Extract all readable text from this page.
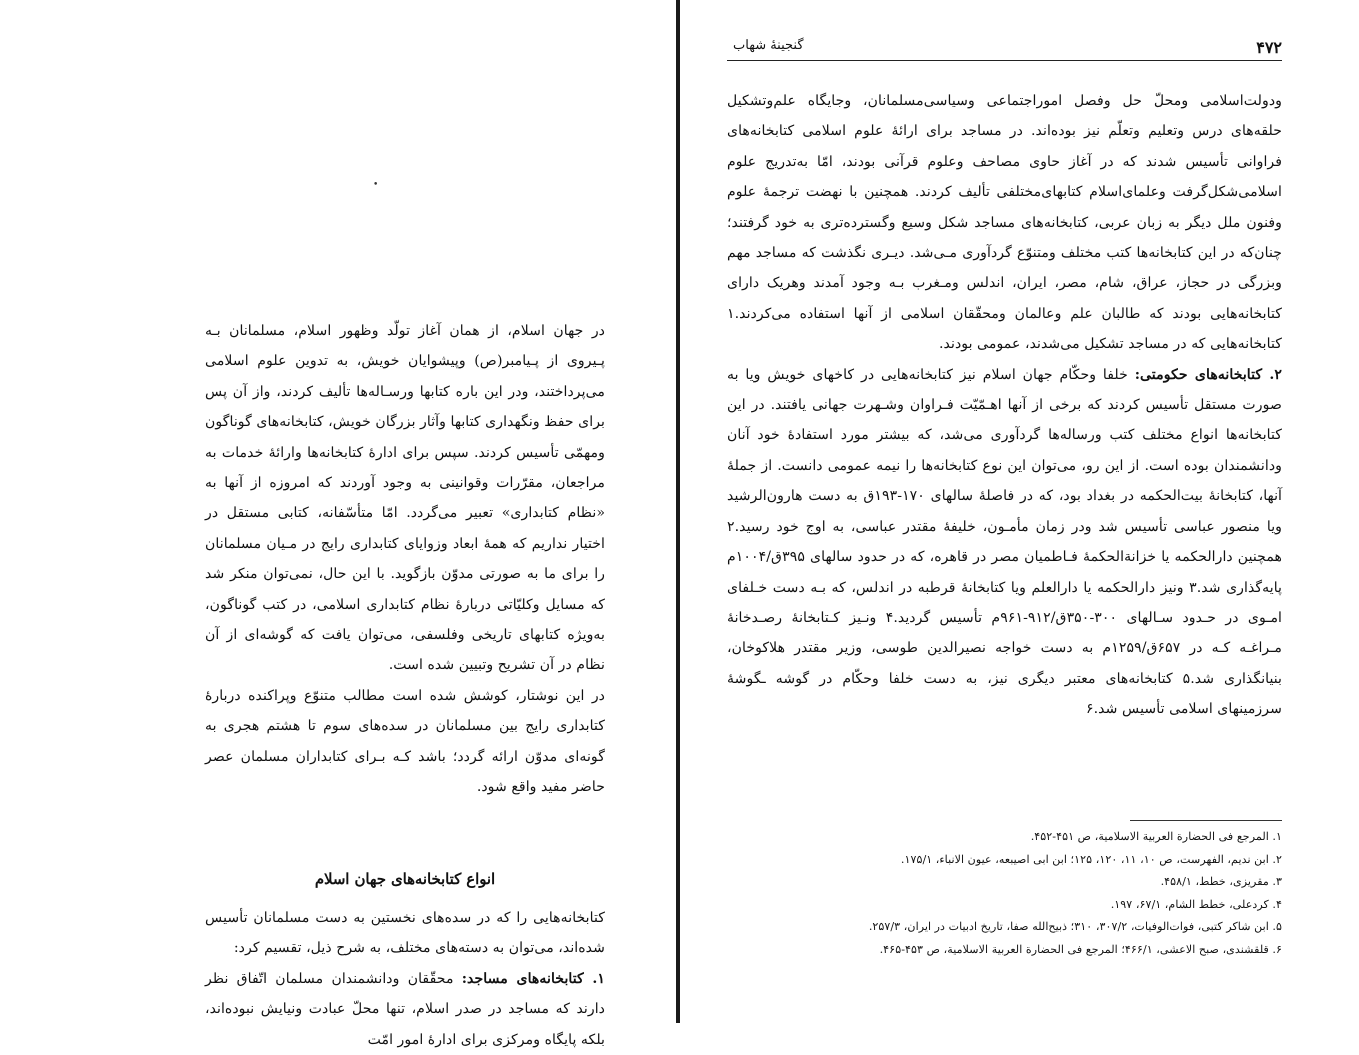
•

در جهان اسلام، از همان آغاز تولّد وظهور اسلام، مسلمانان بـه پـیروی از پـیامبر(ص) وپیشوایان خویش، به تدوین علوم اسلامی می‌پرداختند، ودر این باره کتابها ورسـاله‌ها تألیف کردند، واز آن پس برای حفظ ونگهداری کتابها وآثار بزرگان خویش، کتابخانه‌های گوناگون ومهمّی تأسیس کردند. سپس برای ادارهٔ کتابخانه‌ها وارائهٔ خدمات به مراجعان، مقرّرات وقوانینی به وجود آوردند که امروزه از آنها به «نظام کتابداری» تعبیر می‌گردد. امّا متأسّفانه، کتابی مستقل در اختیار نداریم که همهٔ ابعاد وزوایای کتابداری رایج در مـیان مسلمانان را برای ما به صورتی مدوّن بازگوید. با این حال، نمی‌توان منکر شد که مسایل وکلیّاتی دربارهٔ نظام کتابداری اسلامی، در کتب گوناگون، به‌ویژه کتابهای تاریخی وفلسفی، می‌توان یافت که گوشه‌ای از آن نظام در آن تشریح وتبیین شده است.

در این نوشتار، کوشش شده است مطالب متنوّع وپراکنده دربارهٔ کتابداری رایج بین مسلمانان در سده‌های سوم تا هشتم هجری به گونه‌ای مدوّن ارائه گردد؛ باشد کـه بـرای کتابداران مسلمان عصر حاضر مفید واقع شود.

انواع کتابخانه‌های جهان اسلام

کتابخانه‌هایی را که در سده‌های نخستین به دست مسلمانان تأسیس شده‌اند، می‌توان به دسته‌های مختلف، به شرح ذیل، تقسیم کرد:

۱. کتابخانه‌های مساجد: محقّقان ودانشمندان مسلمان اتّفاق نظر دارند که مساجد در صدر اسلام، تنها محلّ عبادت ونیایش نبوده‌اند، بلکه پایگاه ومرکزی برای ادارهٔ امور امّت

۴۷۲
گنجینهٔ شهاب

ودولت‌اسلامی ومحلّ حل وفصل اموراجتماعی وسیاسی‌مسلمانان، وجایگاه علم‌وتشکیل حلقه‌های درس وتعلیم وتعلّم نیز بوده‌اند. در مساجد برای ارائهٔ علوم اسلامی کتابخانه‌های فراوانی تأسیس شدند که در آغاز حاوی مصاحف وعلوم قرآنی بودند، امّا به‌تدریج علوم اسلامی‌شکل‌گرفت وعلمای‌اسلام کتابهای‌مختلفی تألیف کردند. همچنین با نهضت ترجمهٔ علوم وفنون ملل دیگر به زبان عربی، کتابخانه‌های مساجد شکل وسیع وگسترده‌تری به خود گرفتند؛ چنان‌که در این کتابخانه‌ها کتب مختلف ومتنوّع گردآوری مـی‌شد. دیـری نگذشت که مساجد مهم وبزرگی در حجاز، عراق، شام، مصر، ایران، اندلس ومـغرب بـه وجود آمدند وهریک دارای کتابخانه‌هایی بودند که طالبان علم وعالمان ومحقّقان اسلامی از آنها استفاده می‌کردند.۱ کتابخانه‌هایی که در مساجد تشکیل می‌شدند، عمومی بودند.

۲. کتابخانه‌های حکومتی: خلفا وحکّام جهان اسلام نیز کتابخانه‌هایی در کاخهای خویش ویا به صورت مستقل تأسیس کردند که برخی از آنها اهـمّیّت فـراوان وشـهرت جهانی یافتند. در این کتابخانه‌ها انواع مختلف کتب ورساله‌ها گردآوری می‌شد، که بیشتر مورد استفادهٔ خود آنان ودانشمندان بوده است. از این رو، می‌توان این نوع کتابخانه‌ها را نیمه عمومی دانست. از جملهٔ آنها، کتابخانهٔ بیت‌الحکمه در بغداد بود، که در فاصلهٔ سالهای ۱۷۰-۱۹۳ق به دست هارون‌الرشید ویا منصور عباسی تأسیس شد ودر زمان مأمـون، خلیفهٔ مقتدر عباسی، به اوج خود رسید.۲ همچنین دارالحکمه یا خزانةالحکمهٔ فـاطمیان مصر در قاهره، که در حدود سالهای ۳۹۵ق/۱۰۰۴م پایه‌گذاری شد.۳ ونیز دارالحکمه یا دارالعلم ویا کتابخانهٔ قرطبه در اندلس، که بـه دست خـلفای امـوی در حـدود سـالهای ۳۰۰-۳۵۰ق/۹۱۲-۹۶۱م تأسیس گردید.۴ ونـیز کـتابخانهٔ رصـدخانهٔ مـراغـه کـه در ۶۵۷ق/۱۲۵۹م به دست خواجه نصیرالدین طوسی، وزیر مقتدر هلاکوخان، بنیانگذاری شد.۵ کتابخانه‌های معتبر دیگری نیز، به دست خلفا وحکّام در گوشه ـگوشهٔ سرزمینهای اسلامی تأسیس شد.۶

۱. المرجع فی الحضارة العربیة الاسلامیة، ص ۴۵۱-۴۵۲.
۲. ابن ندیم، الفهرست، ص ۱۰، ۱۱، ۱۲۰، ۱۲۵؛ ابن ابی اصیبعه، عیون الانباء، ۱۷۵/۱.
۳. مقریزی، خطط، ۴۵۸/۱.
۴. کردعلی، خطط الشام، ۶۷/۱، ۱۹۷.
۵. ابن شاکر کتبی، فوات‌الوفیات، ۳۰۷/۲، ۳۱۰؛ ذبیح‌الله صفا، تاریخ ادبیات در ایران، ۲۵۷/۳.
۶. قلقشندی، صبح الاعشی، ۴۶۶/۱؛ المرجع فی الحضارة العربیة الاسلامیة، ص ۴۵۳-۴۶۵.
